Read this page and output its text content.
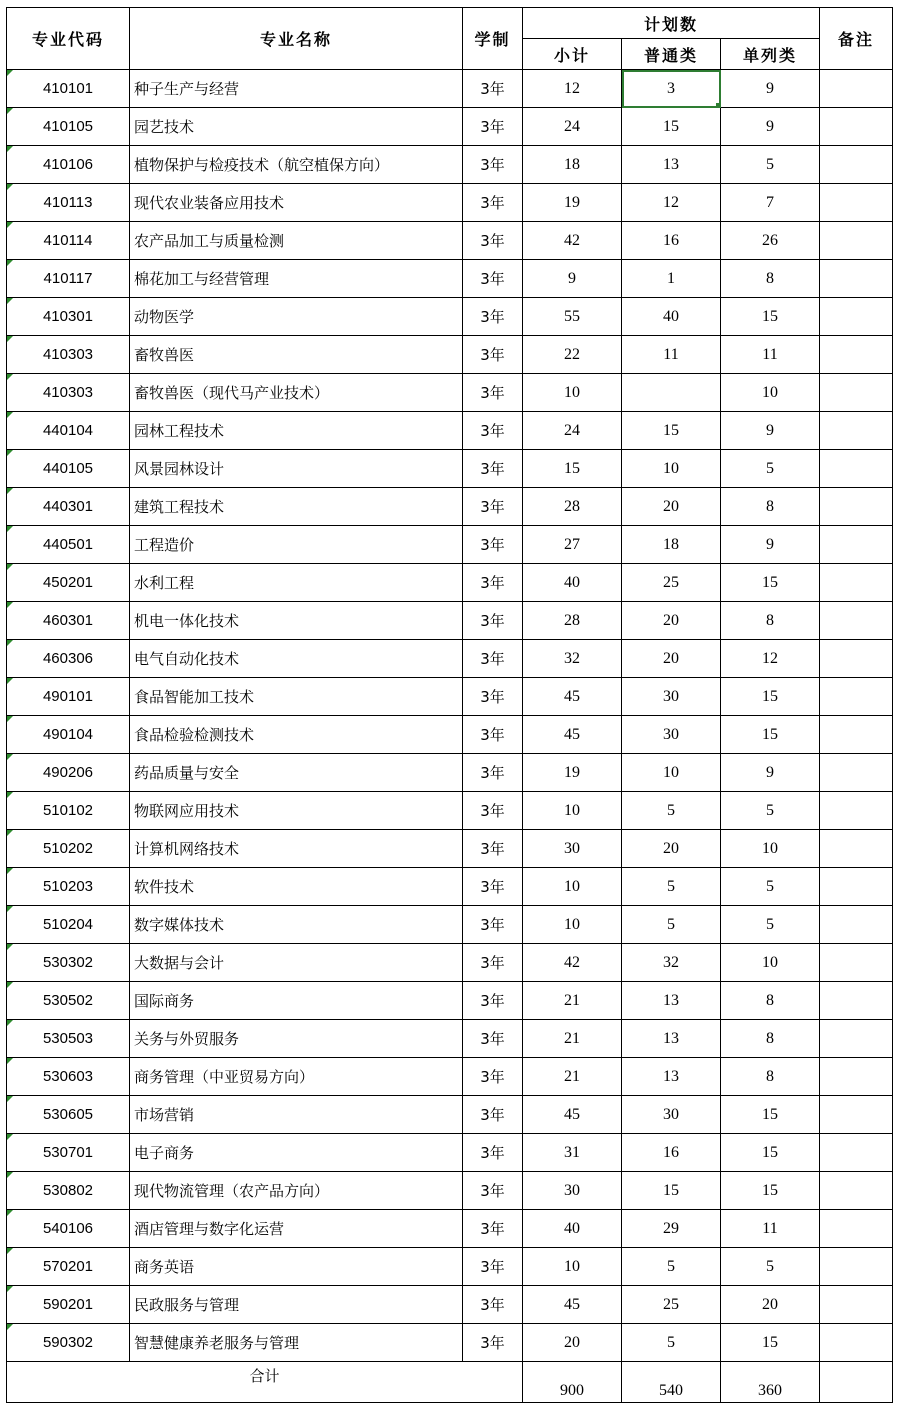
专业代码	专业名称	学制	计划数			备注
			小计	普通类	单列类	

410101	种子生产与经营	3年	12	3	9	

410105	园艺技术	3年	24	15	9	

410106	植物保护与检疫技术（航空植保方向）	3年	18	13	5	

410113	现代农业装备应用技术	3年	19	12	7	

410114	农产品加工与质量检测	3年	42	16	26	

410117	棉花加工与经营管理	3年	9	1	8	

410301	动物医学	3年	55	40	15	

410303	畜牧兽医	3年	22	11	11	

410303	畜牧兽医（现代马产业技术）	3年	10		10	

440104	园林工程技术	3年	24	15	9	

440105	风景园林设计	3年	15	10	5	

440301	建筑工程技术	3年	28	20	8	

440501	工程造价	3年	27	18	9	

450201	水利工程	3年	40	25	15	

460301	机电一体化技术	3年	28	20	8	

460306	电气自动化技术	3年	32	20	12	

490101	食品智能加工技术	3年	45	30	15	

490104	食品检验检测技术	3年	45	30	15	

490206	药品质量与安全	3年	19	10	9	

510102	物联网应用技术	3年	10	5	5	

510202	计算机网络技术	3年	30	20	10	

510203	软件技术	3年	10	5	5	

510204	数字媒体技术	3年	10	5	5	

530302	大数据与会计	3年	42	32	10	

530502	国际商务	3年	21	13	8	

530503	关务与外贸服务	3年	21	13	8	

530603	商务管理（中亚贸易方向）	3年	21	13	8	

530605	市场营销	3年	45	30	15	

530701	电子商务	3年	31	16	15	

530802	现代物流管理（农产品方向）	3年	30	15	15	

540106	酒店管理与数字化运营	3年	40	29	11	

570201	商务英语	3年	10	5	5	

590201	民政服务与管理	3年	45	25	20	

590302	智慧健康养老服务与管理	3年	20	5	15	
合计			900	540	360	
